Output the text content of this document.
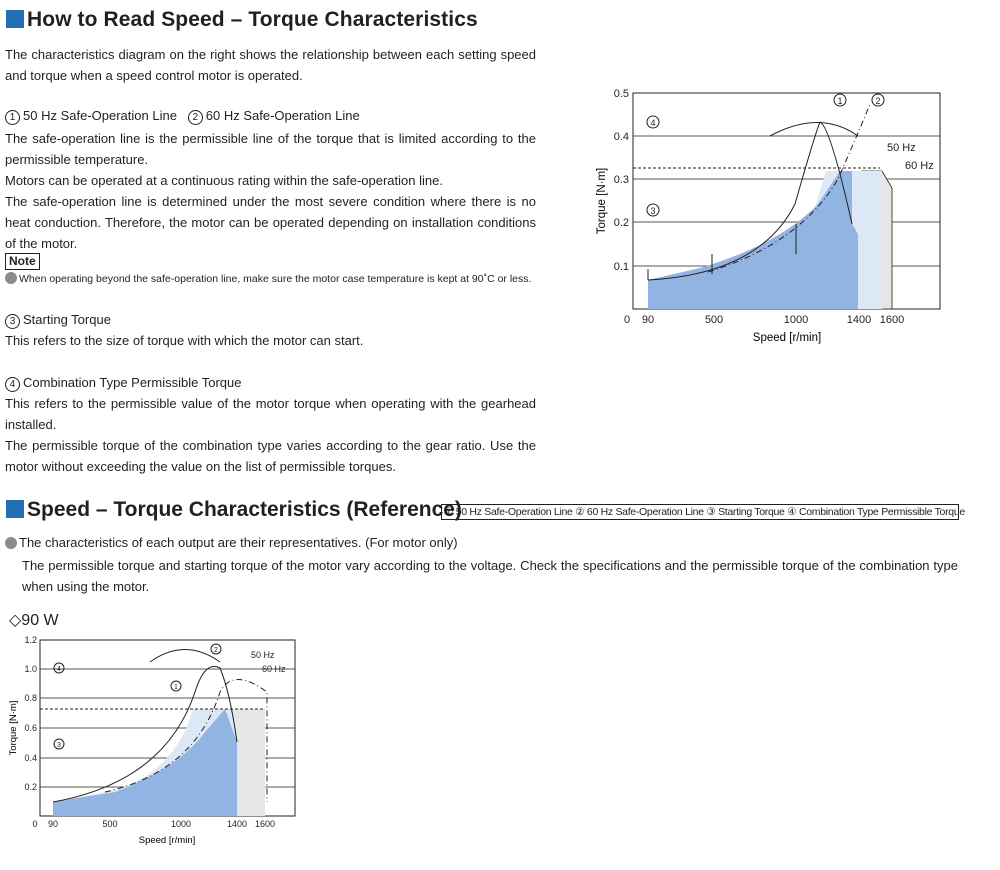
How to Read Speed – Torque Characteristics
The characteristics diagram on the right shows the relationship between each setting speed and torque when a speed control motor is operated.
1 50 Hz Safe-Operation Line 2 60 Hz Safe-Operation Line
The safe-operation line is the permissible line of the torque that is limited according to the permissible temperature.
Motors can be operated at a continuous rating within the safe-operation line.
The safe-operation line is determined under the most severe condition where there is no heat conduction. Therefore, the motor can be operated depending on installation conditions of the motor.
Note
When operating beyond the safe-operation line, make sure the motor case temperature is kept at 90˚C or less.
3 Starting Torque
This refers to the size of torque with which the motor can start.
4 Combination Type Permissible Torque
This refers to the permissible value of the motor torque when operating with the gearhead installed.
The permissible torque of the combination type varies according to the gear ratio. Use the motor without exceeding the value on the list of permissible torques.
0.5
0.4
0.3
0.2
0.1
0 90	500	1000	1400 1600
Speed [r/min]
Torque [N·m]
1	2
4
3
50 Hz
60 Hz
Speed – Torque Characteristics (Reference)
① 50 Hz Safe-Operation Line ② 60 Hz Safe-Operation Line ③ Starting Torque ④ Combination Type Permissible Torque
The characteristics of each output are their representatives. (For motor only)
The permissible torque and starting torque of the motor vary according to the voltage. Check the specifications and the permissible torque of the combination type when using the motor.
◇90 W
1.2
1.0
0.8
0.6
0.4
0.2
0 90	500	1000	1400 1600
Speed [r/min]
Torque [N·m]
4
3
1
2	50 Hz
60 Hz
